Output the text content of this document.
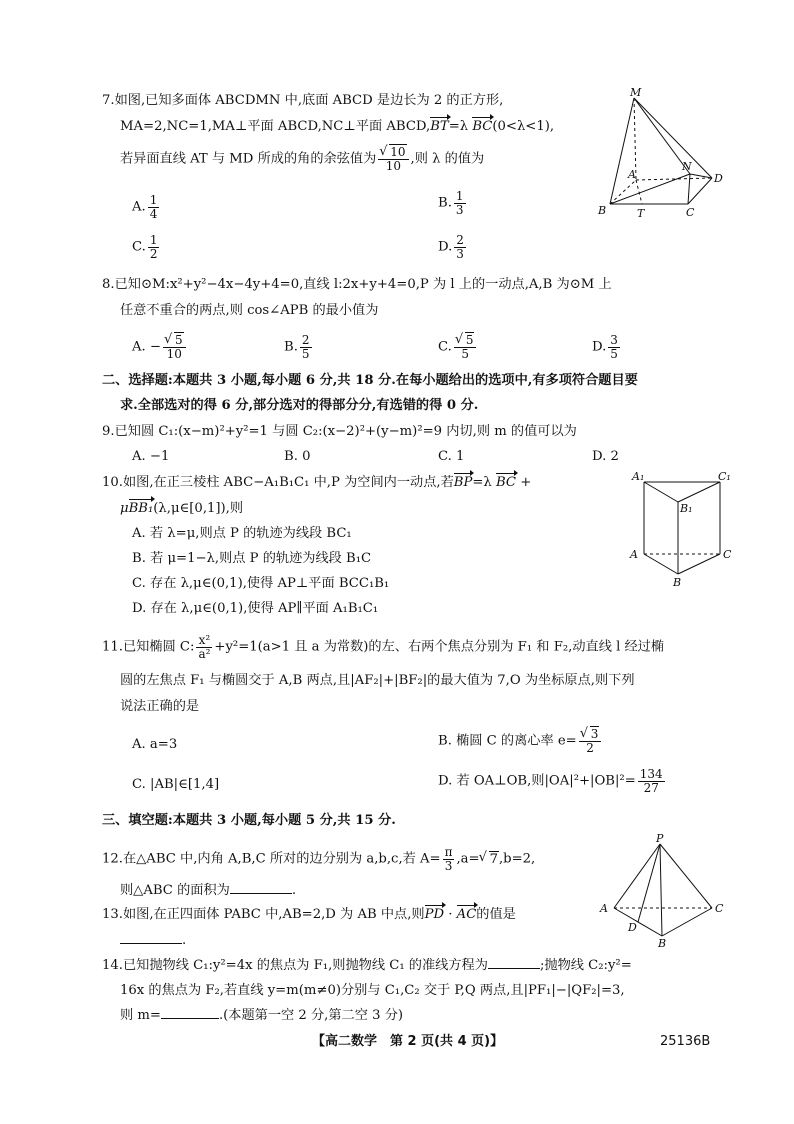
7.如图,已知多面体 ABCDMN 中,底面 ABCD 是边长为 2 的正方形,
MA=2,NC=1,MA⊥平面 ABCD,NC⊥平面 ABCD,BT=λ BC(0<λ<1),
若异面直线 AT 与 MD 所成的角的余弦值为
√ $\frac{10}{10}$ ,则 λ 的值为
A. $\frac{1}{4}$	B. $\frac{1}{3}$
C. $\frac{1}{2}$	D. $\frac{2}{3}$
M
N
A	D
B	T	C
8.已知⊙M:x²+y²−4x−4y+4=0,直线 l:2x+y+4=0,P 为 l 上的一动点,A,B 为⊙M 上
任意不重合的两点,则 cos∠APB 的最小值为
A. −
√ $\frac{5}{10}$	B. $\frac{2}{5}$	C.
√ $\frac{5}{5}$	D. $\frac{3}{5}$
二、选择题:本题共 3 小题,每小题 6 分,共 18 分.在每小题给出的选项中,有多项符合题目要
求.全部选对的得 6 分,部分选对的得部分分,有选错的得 0 分.
9.已知圆 C₁:(x−m)²+y²=1 与圆 C₂:(x−2)²+(y−m)²=9 内切,则 m 的值可以为
A. −1	B. 0	C. 1	D. 2
10.如图,在正三棱柱 ABC−A₁B₁C₁ 中,P 为空间内一动点,若BP=λ BC +
μBB₁(λ,μ∈[0,1]),则
A. 若 λ=μ,则点 P 的轨迹为线段 BC₁
B. 若 μ=1−λ,则点 P 的轨迹为线段 B₁C
C. 存在 λ,μ∈(0,1),使得 AP⊥平面 BCC₁B₁
D. 存在 λ,μ∈(0,1),使得 AP∥平面 A₁B₁C₁
A₁	C₁
B₁
A	C
B
11.已知椭圆 C: $\frac{\text{x²}}{\text{a²}} +y^2=1(a>1$ 且 a 为常数)的左、右两个焦点分别为 F₁ 和 F₂,动直线 l 经过椭
圆的左焦点 F₁ 与椭圆交于 A,B 两点,且|AF₂|+|BF₂|的最大值为 7,O 为坐标原点,则下列
说法正确的是
A. a=3	B. 椭圆 C 的离心率 e=
√ $\frac{3}{2}$
C. |AB|∈[1,4]	D. 若 OA⊥OB,则$|OA|^2+|OB|^2= \frac{134}{27}$
三、填空题:本题共 3 小题,每小题 5 分,共 15 分.
12.在△ABC 中,内角 A,B,C 所对的边分别为 a,b,c,若 $A= \frac{\pi}{3} ,a=√$ 7,b=2,
则△ABC 的面积为	.
13.如图,在正四面体 PABC 中,AB=2,D 为 AB 中点,则PD · AC的值是
.
P
A	C
D
B
14.已知抛物线 C₁:y²=4x 的焦点为 F₁,则抛物线 C₁ 的准线方程为	;抛物线 C₂:y²=
16x 的焦点为 F₂,若直线 y=m(m≠0)分别与 C₁,C₂ 交于 P,Q 两点,且|PF₁|−|QF₂|=3,
则 m=	.(本题第一空 2 分,第二空 3 分)
【高二数学　第 2 页(共 4 页)】	25136B
